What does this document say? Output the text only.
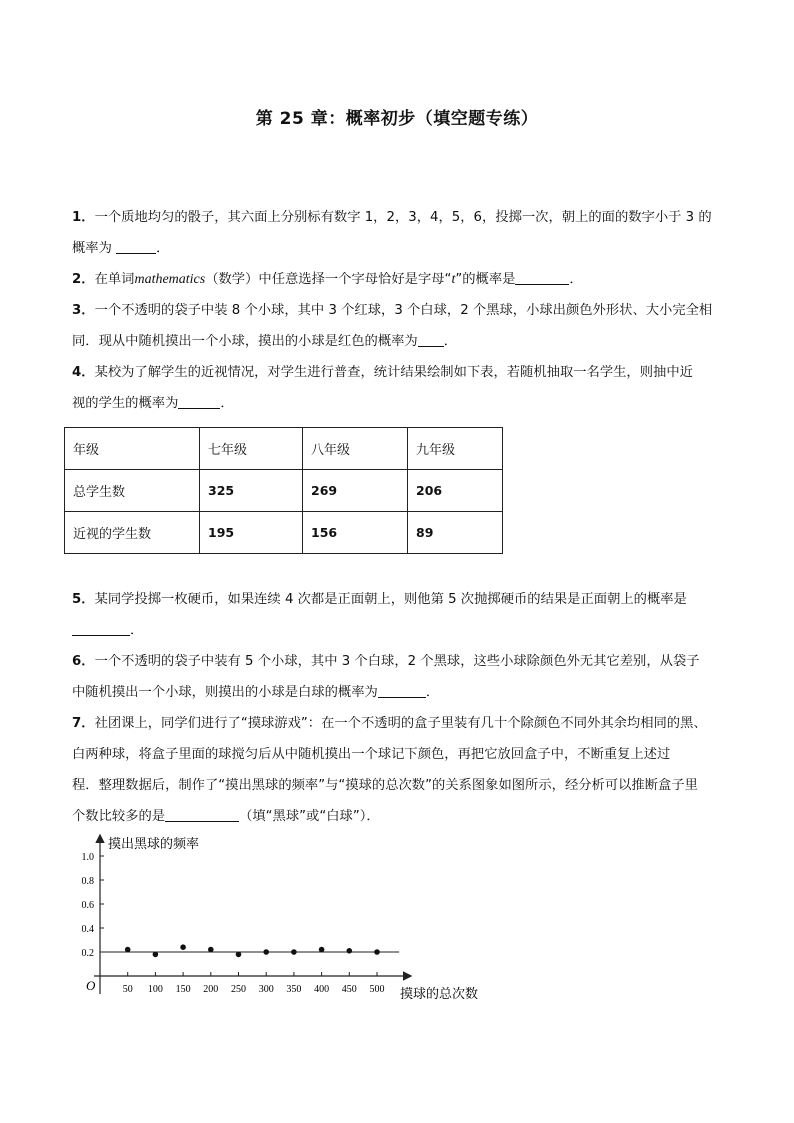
第 25 章：概率初步（填空题专练）

1．一个质地均匀的骰子，其六面上分别标有数字 1，2，3，4，5，6，投掷一次，朝上的面的数字小于 3 的
概率为	．

2．在单词mathematics（数学）中任意选择一个字母恰好是字母“t”的概率是	．

3．一个不透明的袋子中装 8 个小球，其中 3 个红球，3 个白球，2 个黑球，小球出颜色外形状、大小完全相
同．现从中随机摸出一个小球，摸出的小球是红色的概率为 ．

4．某校为了解学生的近视情况，对学生进行普查，统计结果绘制如下表，若随机抽取一名学生，则抽中近
视的学生的概率为	．

年级	七年级	八年级	九年级
总学生数	325	269	206
近视的学生数	195	156	89

5．某同学投掷一枚硬币，如果连续 4 次都是正面朝上，则他第 5 次抛掷硬币的结果是正面朝上的概率是
．

6．一个不透明的袋子中装有 5 个小球，其中 3 个白球，2 个黑球，这些小球除颜色外无其它差别，从袋子
中随机摸出一个小球，则摸出的小球是白球的概率为	．

7．社团课上，同学们进行了“摸球游戏”：在一个不透明的盒子里装有几十个除颜色不同外其余均相同的黑、
白两种球，将盒子里面的球搅匀后从中随机摸出一个球记下颜色，再把它放回盒子中，不断重复上述过
程．整理数据后，制作了“摸出黑球的频率”与“摸球的总次数”的关系图象如图所示，经分析可以推断盒子里
个数比较多的是	（填“黑球”或“白球”）．

摸出黑球的频率
摸球的总次数
O
0.2
0.4
0.6
0.8
1.0
50 100 150 200 250 300 350 400 450 500
